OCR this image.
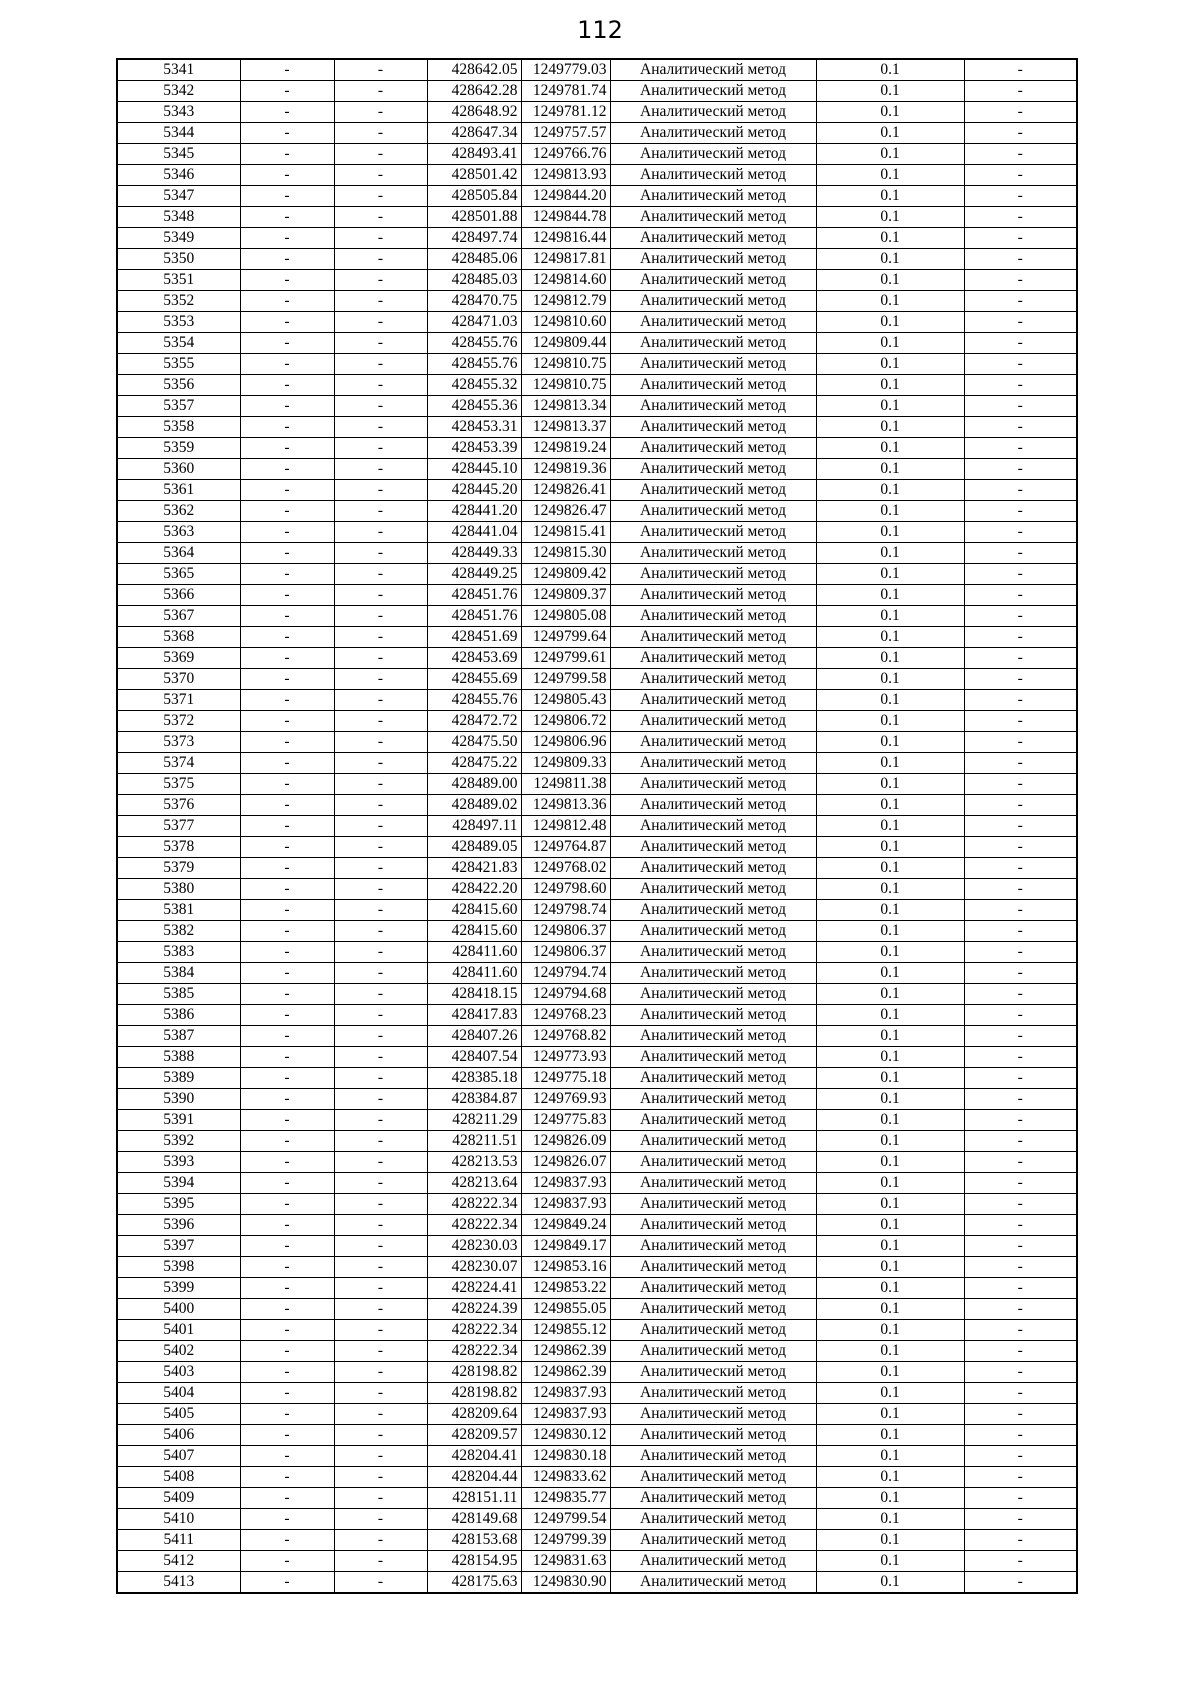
112
5341	-	-	428642.05	1249779.03	Аналитический метод	0.1	-
5342	-	-	428642.28	1249781.74	Аналитический метод	0.1	-
5343	-	-	428648.92	1249781.12	Аналитический метод	0.1	-
5344	-	-	428647.34	1249757.57	Аналитический метод	0.1	-
5345	-	-	428493.41	1249766.76	Аналитический метод	0.1	-
5346	-	-	428501.42	1249813.93	Аналитический метод	0.1	-
5347	-	-	428505.84	1249844.20	Аналитический метод	0.1	-
5348	-	-	428501.88	1249844.78	Аналитический метод	0.1	-
5349	-	-	428497.74	1249816.44	Аналитический метод	0.1	-
5350	-	-	428485.06	1249817.81	Аналитический метод	0.1	-
5351	-	-	428485.03	1249814.60	Аналитический метод	0.1	-
5352	-	-	428470.75	1249812.79	Аналитический метод	0.1	-
5353	-	-	428471.03	1249810.60	Аналитический метод	0.1	-
5354	-	-	428455.76	1249809.44	Аналитический метод	0.1	-
5355	-	-	428455.76	1249810.75	Аналитический метод	0.1	-
5356	-	-	428455.32	1249810.75	Аналитический метод	0.1	-
5357	-	-	428455.36	1249813.34	Аналитический метод	0.1	-
5358	-	-	428453.31	1249813.37	Аналитический метод	0.1	-
5359	-	-	428453.39	1249819.24	Аналитический метод	0.1	-
5360	-	-	428445.10	1249819.36	Аналитический метод	0.1	-
5361	-	-	428445.20	1249826.41	Аналитический метод	0.1	-
5362	-	-	428441.20	1249826.47	Аналитический метод	0.1	-
5363	-	-	428441.04	1249815.41	Аналитический метод	0.1	-
5364	-	-	428449.33	1249815.30	Аналитический метод	0.1	-
5365	-	-	428449.25	1249809.42	Аналитический метод	0.1	-
5366	-	-	428451.76	1249809.37	Аналитический метод	0.1	-
5367	-	-	428451.76	1249805.08	Аналитический метод	0.1	-
5368	-	-	428451.69	1249799.64	Аналитический метод	0.1	-
5369	-	-	428453.69	1249799.61	Аналитический метод	0.1	-
5370	-	-	428455.69	1249799.58	Аналитический метод	0.1	-
5371	-	-	428455.76	1249805.43	Аналитический метод	0.1	-
5372	-	-	428472.72	1249806.72	Аналитический метод	0.1	-
5373	-	-	428475.50	1249806.96	Аналитический метод	0.1	-
5374	-	-	428475.22	1249809.33	Аналитический метод	0.1	-
5375	-	-	428489.00	1249811.38	Аналитический метод	0.1	-
5376	-	-	428489.02	1249813.36	Аналитический метод	0.1	-
5377	-	-	428497.11	1249812.48	Аналитический метод	0.1	-
5378	-	-	428489.05	1249764.87	Аналитический метод	0.1	-
5379	-	-	428421.83	1249768.02	Аналитический метод	0.1	-
5380	-	-	428422.20	1249798.60	Аналитический метод	0.1	-
5381	-	-	428415.60	1249798.74	Аналитический метод	0.1	-
5382	-	-	428415.60	1249806.37	Аналитический метод	0.1	-
5383	-	-	428411.60	1249806.37	Аналитический метод	0.1	-
5384	-	-	428411.60	1249794.74	Аналитический метод	0.1	-
5385	-	-	428418.15	1249794.68	Аналитический метод	0.1	-
5386	-	-	428417.83	1249768.23	Аналитический метод	0.1	-
5387	-	-	428407.26	1249768.82	Аналитический метод	0.1	-
5388	-	-	428407.54	1249773.93	Аналитический метод	0.1	-
5389	-	-	428385.18	1249775.18	Аналитический метод	0.1	-
5390	-	-	428384.87	1249769.93	Аналитический метод	0.1	-
5391	-	-	428211.29	1249775.83	Аналитический метод	0.1	-
5392	-	-	428211.51	1249826.09	Аналитический метод	0.1	-
5393	-	-	428213.53	1249826.07	Аналитический метод	0.1	-
5394	-	-	428213.64	1249837.93	Аналитический метод	0.1	-
5395	-	-	428222.34	1249837.93	Аналитический метод	0.1	-
5396	-	-	428222.34	1249849.24	Аналитический метод	0.1	-
5397	-	-	428230.03	1249849.17	Аналитический метод	0.1	-
5398	-	-	428230.07	1249853.16	Аналитический метод	0.1	-
5399	-	-	428224.41	1249853.22	Аналитический метод	0.1	-
5400	-	-	428224.39	1249855.05	Аналитический метод	0.1	-
5401	-	-	428222.34	1249855.12	Аналитический метод	0.1	-
5402	-	-	428222.34	1249862.39	Аналитический метод	0.1	-
5403	-	-	428198.82	1249862.39	Аналитический метод	0.1	-
5404	-	-	428198.82	1249837.93	Аналитический метод	0.1	-
5405	-	-	428209.64	1249837.93	Аналитический метод	0.1	-
5406	-	-	428209.57	1249830.12	Аналитический метод	0.1	-
5407	-	-	428204.41	1249830.18	Аналитический метод	0.1	-
5408	-	-	428204.44	1249833.62	Аналитический метод	0.1	-
5409	-	-	428151.11	1249835.77	Аналитический метод	0.1	-
5410	-	-	428149.68	1249799.54	Аналитический метод	0.1	-
5411	-	-	428153.68	1249799.39	Аналитический метод	0.1	-
5412	-	-	428154.95	1249831.63	Аналитический метод	0.1	-
5413	-	-	428175.63	1249830.90	Аналитический метод	0.1	-
